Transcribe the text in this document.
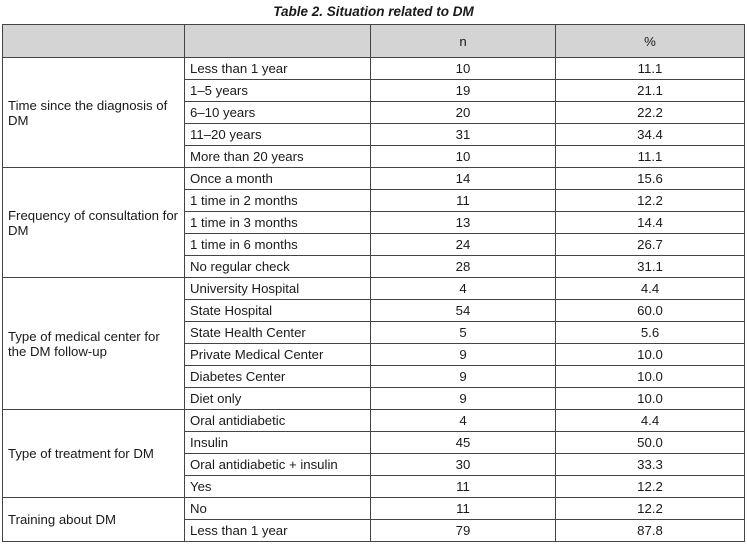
Table 2. Situation related to DM
		n	%
Time since the diagnosis of DM	Less than 1 year	10	11.1
	1–5 years	19	21.1
	6–10 years	20	22.2
	11–20 years	31	34.4
	More than 20 years	10	11.1
Frequency of consultation for DM	Once a month	14	15.6
	1 time in 2 months	11	12.2
	1 time in 3 months	13	14.4
	1 time in 6 months	24	26.7
	No regular check	28	31.1
Type of medical center for the DM follow-up	University Hospital	4	4.4
	State Hospital	54	60.0
	State Health Center	5	5.6
	Private Medical Center	9	10.0
	Diabetes Center	9	10.0
	Diet only	9	10.0
Type of treatment for DM	Oral antidiabetic	4	4.4
	Insulin	45	50.0
	Oral antidiabetic + insulin	30	33.3
	Yes	11	12.2
Training about DM	No	11	12.2
	Less than 1 year	79	87.8
